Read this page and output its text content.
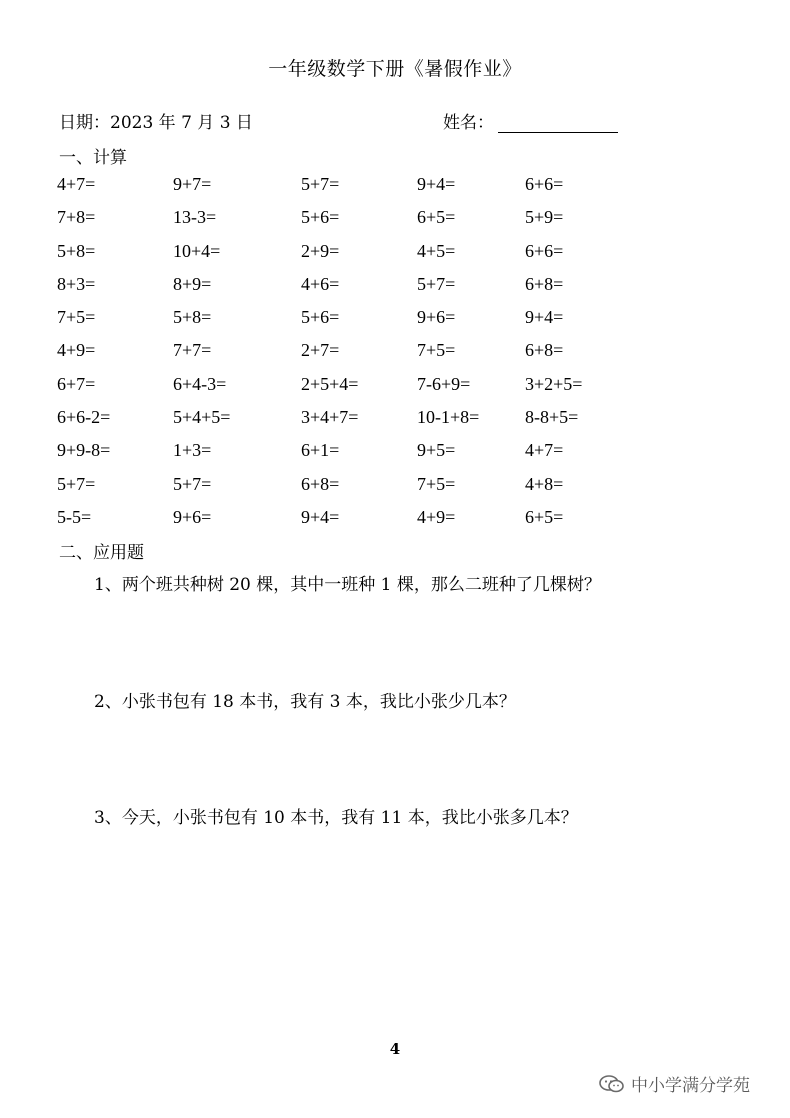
一年级数学下册《暑假作业》
日期：2023 年 7 月 3 日	姓名：
一、计算
4+7=	9+7=	5+7=	9+4=	6+6=
7+8=	13-3=	5+6=	6+5=	5+9=
5+8=	10+4=	2+9=	4+5=	6+6=
8+3=	8+9=	4+6=	5+7=	6+8=
7+5=	5+8=	5+6=	9+6=	9+4=
4+9=	7+7=	2+7=	7+5=	6+8=
6+7=	6+4-3=	2+5+4=	7-6+9=	3+2+5=
6+6-2=	5+4+5=	3+4+7=	10-1+8=	8-8+5=
9+9-8=	1+3=	6+1=	9+5=	4+7=
5+7=	5+7=	6+8=	7+5=	4+8=
5-5=	9+6=	9+4=	4+9=	6+5=
二、应用题
1、两个班共种树 20 棵，其中一班种 1 棵，那么二班种了几棵树？
2、小张书包有 18 本书，我有 3 本，我比小张少几本？
3、今天，小张书包有 10 本书，我有 11 本，我比小张多几本？
4
中小学满分学苑
